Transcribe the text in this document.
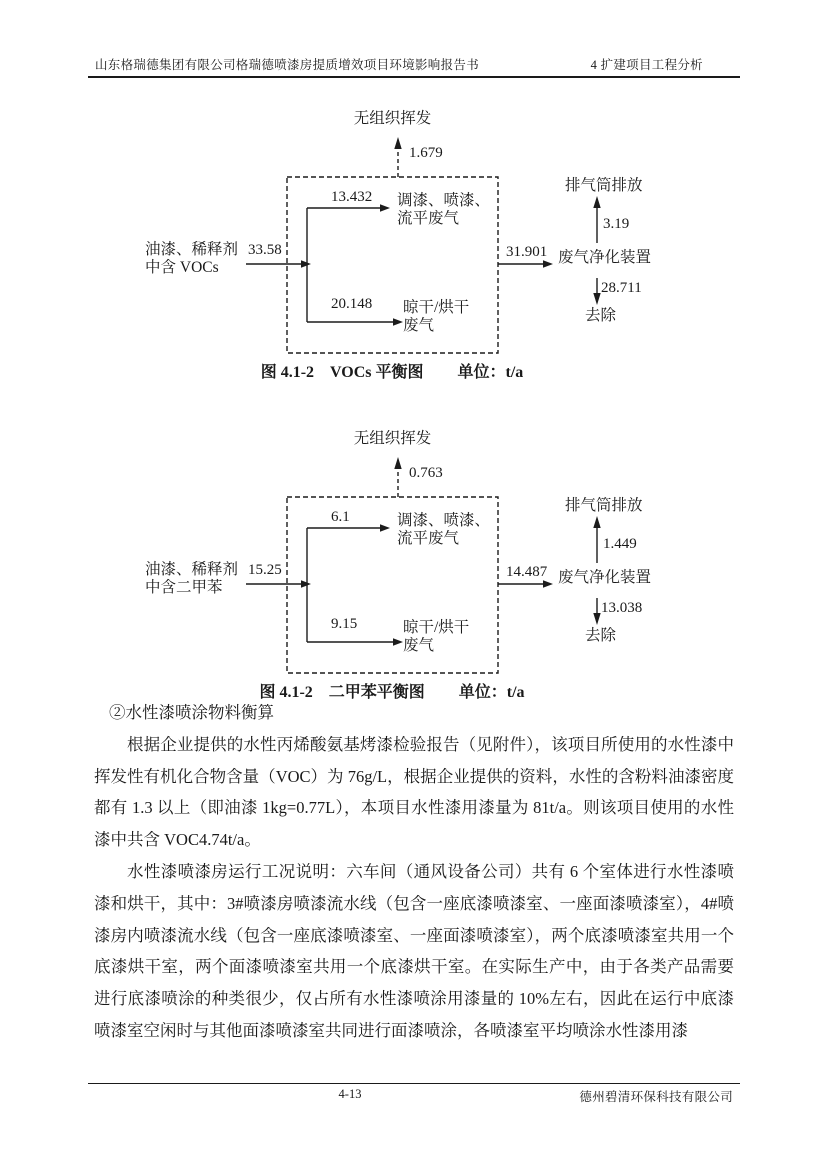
山东格瑞德集团有限公司格瑞德喷漆房提质增效项目环境影响报告书	4 扩建项目工程分析
无组织挥发
1.679
油漆、稀释剂
中含 VOCs
33.58
13.432 调漆、喷漆、
流平废气
20.148 晾干/烘干
废气
31.901 废气净化装置
排气筒排放
3.19
28.711
去除
图 4.1-2　VOCs 平衡图 单位：t/a
无组织挥发
0.763
油漆、稀释剂
中含二甲苯
15.25
6.1	调漆、喷漆、
流平废气
9.15	晾干/烘干
废气
14.487 废气净化装置
排气筒排放
1.449
13.038
去除
图 4.1-2　二甲苯平衡图 单位：t/a

②水性漆喷涂物料衡算

根据企业提供的水性丙烯酸氨基烤漆检验报告（见附件），该项目所使用的水性漆中挥发性有机化合物含量（VOC）为 76g/L，根据企业提供的资料，水性的含粉料油漆密度都有 1.3 以上（即油漆 1kg=0.77L），本项目水性漆用漆量为 81t/a。则该项目使用的水性漆中共含 VOC4.74t/a。

水性漆喷漆房运行工况说明：六车间（通风设备公司）共有 6 个室体进行水性漆喷漆和烘干，其中：3#喷漆房喷漆流水线（包含一座底漆喷漆室、一座面漆喷漆室），4#喷漆房内喷漆流水线（包含一座底漆喷漆室、一座面漆喷漆室），两个底漆喷漆室共用一个底漆烘干室，两个面漆喷漆室共用一个底漆烘干室。在实际生产中，由于各类产品需要进行底漆喷涂的种类很少，仅占所有水性漆喷涂用漆量的 10%左右，因此在运行中底漆喷漆室空闲时与其他面漆喷漆室共同进行面漆喷涂，各喷漆室平均喷涂水性漆用漆

4-13	德州碧清环保科技有限公司
